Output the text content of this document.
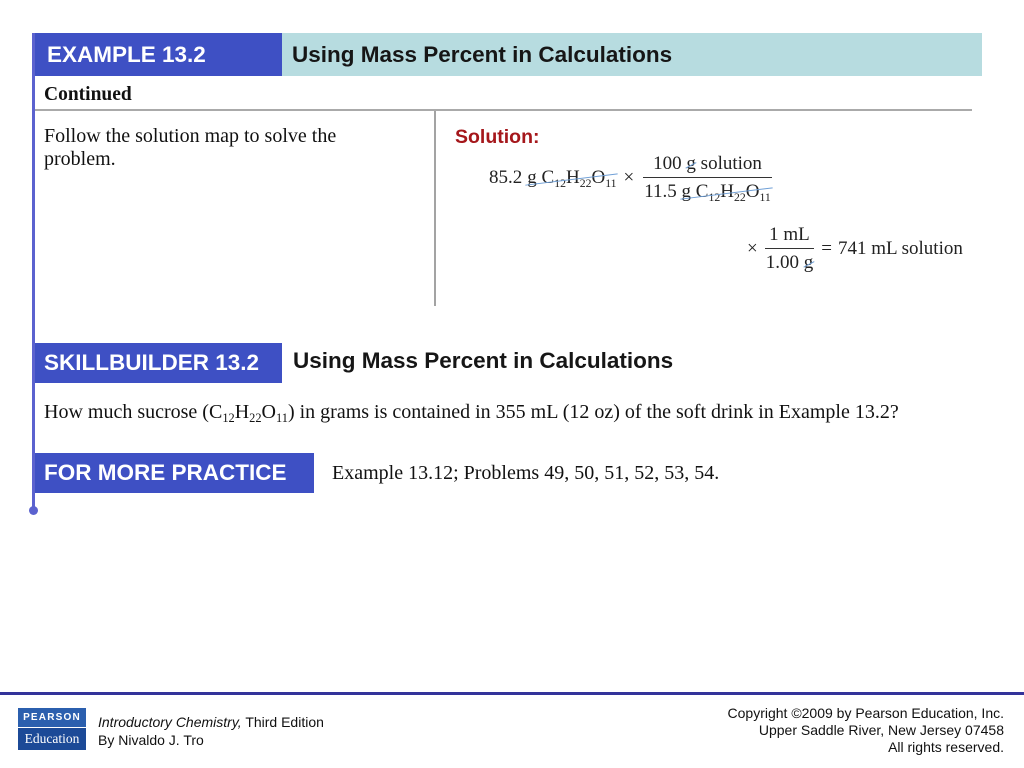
EXAMPLE 13.2	Using Mass Percent in Calculations
Continued

Follow the solution map to solve the problem.

Solution:
85.2 g $C_{12}H_{22}O_{11} \times \frac{\text{100 g solution}}{11.5 g C_{12}H_{22}O_{11}}$
× $\frac{1 mL}{1.00 g} = 741$ mL solution
SKILLBUILDER 13.2 Using Mass Percent in Calculations

How much sucrose $(C_{12}H_{22}O_{11})$ in grams is contained in 355 mL (12 oz) of the soft drink in Example 13.2?

FOR MORE PRACTICE Example 13.12; Problems 49, 50, 51, 52, 53, 54.
PEARSON
Education
Introductory Chemistry, Third Edition
By Nivaldo J. Tro
Copyright ©2009 by Pearson Education, Inc.
Upper Saddle River, New Jersey 07458
All rights reserved.
